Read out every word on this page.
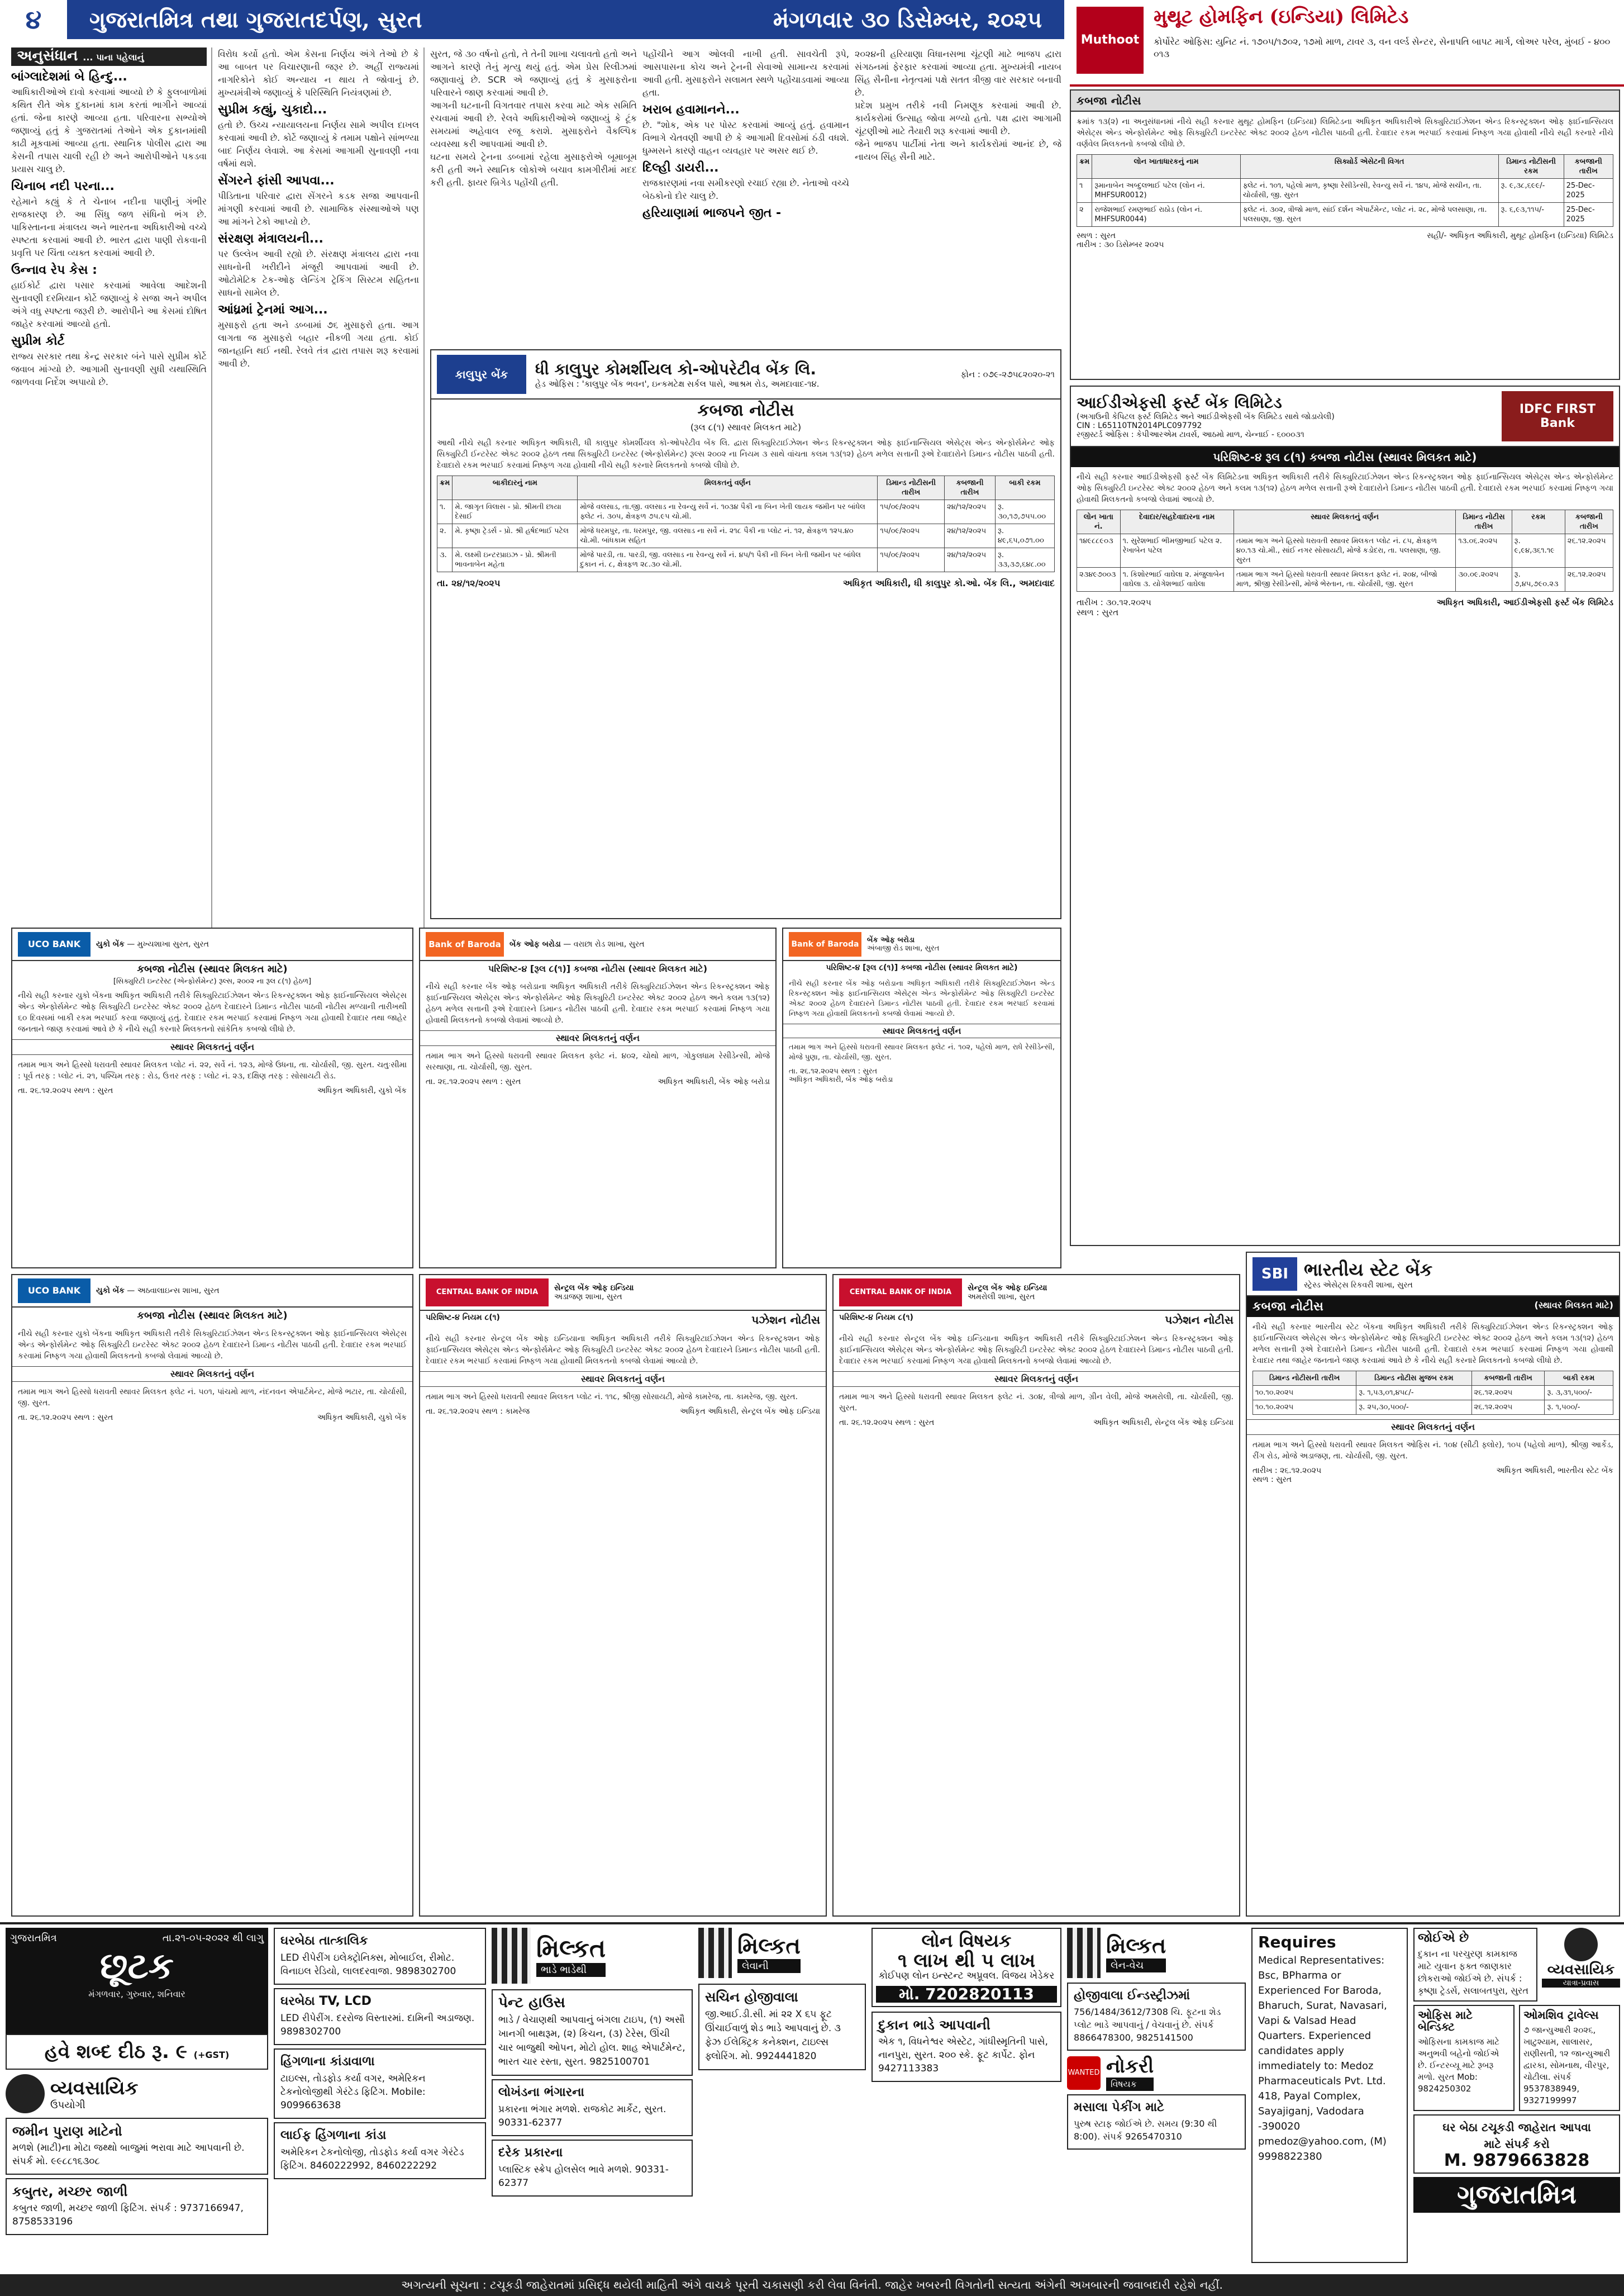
૪	ગુજરાતમિત્ર તથા ગુજરાતદર્પણ, સુરત	મંગળવાર ૩૦ ડિસેમ્બર, ૨૦૨૫
Muthoot
મુથૂટ હોમફિન (ઇન્ડિયા) લિમિટેડ
કોર્પોરેટ ઓફિસ: યુનિટ નં. ૧૭૦૫/૧૭૦૨, ૧૭મો માળ, ટાવર ૩, વન વર્લ્ડ સેન્ટર, સેનાપતિ બાપટ માર્ગ, લોઅર પરેલ, મુંબઈ - ૪૦૦ ૦૧૩
અનુસંધાન ... પાના પહેલાનું
બાંગ્લાદેશમાં બે હિન્દુ...

આધિકારીઓએ દાવો કરવામાં આવ્યો છે કે ફુલબાળોમાં કથિત રીતે એક દુકાનમાં કામ કરતાં ભાગીને આવ્યાં હતાં. જેના કારણે આવ્યા હતા. પરિવારના સભ્યોએ જણાવ્યું હતું કે ગુજરાતમાં તેઓને એક દુકાનમાંથી કાઢી મૂકવામાં આવ્યા હતા. સ્થાનિક પોલીસ દ્વારા આ કેસની તપાસ ચાલી રહી છે અને આરોપીઓને પકડવા પ્રયાસ ચાલુ છે.

ચિનાબ નદી પરના...

રહેમાને કહ્યું કે તે ચેનાબ નદીના પાણીનું ગંભીર રાજકારણ છે. આ સિંધુ જળ સંધિનો ભંગ છે. પાકિસ્તાનના મંત્રાલય અને ભારતના અધિકારીઓ વચ્ચે સ્પષ્ટતા કરવામાં આવી છે. ભારત દ્વારા પાણી રોકવાની પ્રવૃત્તિ પર ચિંતા વ્યક્ત કરવામાં આવી છે.

ઉન્નાવ રેપ કેસ :

હાઈકોર્ટ દ્વારા પસાર કરવામાં આવેલા આદેશની સુનાવણી દરમિયાન કોર્ટે જણાવ્યું કે સજા અને અપીલ અંગે વધુ સ્પષ્ટતા જરૂરી છે. આરોપીને આ કેસમાં દોષિત જાહેર કરવામાં આવ્યો હતો.

સુપ્રીમ કોર્ટ

રાજ્ય સરકાર તથા કેન્દ્ર સરકાર બંને પાસે સુપ્રીમ કોર્ટે જવાબ માંગ્યો છે. આગામી સુનાવણી સુધી યથાસ્થિતિ જાળવવા નિર્દેશ અપાયો છે.

વિરોધ કર્યો હતો. એમ કેસના નિર્ણય અંગે તેઓ છે કે આ બાબત પર વિચારણાની જરૂર છે. અહીં રાજ્યમાં નાગરિકોને કોઈ અન્યાય ન થાય તે જોવાનું છે. મુખ્યમંત્રીએ જણાવ્યું કે પરિસ્થિતિ નિયંત્રણમાં છે.

સુપ્રીમ કહ્યું, ચુકાદો...

હતો છે. ઉચ્ચ ન્યાયાલયના નિર્ણય સામે અપીલ દાખલ કરવામાં આવી છે. કોર્ટે જણાવ્યું કે તમામ પક્ષોને સાંભળ્યા બાદ નિર્ણય લેવાશે. આ કેસમાં આગામી સુનાવણી નવા વર્ષમાં થશે.

સેંગરને ફાંસી આપવા...

પીડિતાના પરિવાર દ્વારા સેંગરને કડક સજા આપવાની માંગણી કરવામાં આવી છે. સામાજિક સંસ્થાઓએ પણ આ માંગને ટેકો આપ્યો છે.

સંરક્ષણ મંત્રાલયની...

પર ઉલ્લેખ આવી રહ્યો છે. સંરક્ષણ મંત્રાલય દ્વારા નવા સાધનોની ખરીદીને મંજૂરી આપવામાં આવી છે. ઓટોમેટિક ટેક-ઓફ લેન્ડિંગ ટ્રેકિંગ સિસ્ટમ સહિતના સાધનો સામેલ છે.

આંધ્રમાં ટ્રેનમાં આગ...

મુસાફરો હતા અને ડબ્બામાં ૭૬ મુસાફરો હતા. આગ લાગતા જ મુસાફરો બહાર નીકળી ગયા હતા. કોઈ જાનહાનિ થઈ નથી. રેલવે તંત્ર દ્વારા તપાસ શરૂ કરવામાં આવી છે.

સુરત, જે ૩૦ વર્ષનો હતો, તે તેની શાખા ચલાવતો હતો અને આગને કારણે તેનું મૃત્યુ થયું હતું. એમ પ્રેસ રિલીઝમાં જણાવાયું છે. SCR એ જણાવ્યું હતું કે મુસાફરોના પરિવારને જાણ કરવામાં આવી છે.

આગની ઘટનાની વિગતવાર તપાસ કરવા માટે એક સમિતિ રચવામાં આવી છે. રેલવે અધિકારીઓએ જણાવ્યું કે ટૂંક સમયમાં અહેવાલ રજૂ કરાશે. મુસાફરોને વૈકલ્પિક વ્યવસ્થા કરી આપવામાં આવી છે.

ઘટના સમયે ટ્રેનના ડબ્બામાં રહેલા મુસાફરોએ બૂમાબૂમ કરી હતી અને સ્થાનિક લોકોએ બચાવ કામગીરીમાં મદદ કરી હતી. ફાયર બ્રિગેડ પહોંચી હતી.

પહોંચીને આગ ઓલવી નાખી હતી. સાવચેતી રૂપે, આસપાસના કોચ અને ટ્રેનની સેવાઓ સામાન્ય કરવામાં આવી હતી. મુસાફરોને સલામત સ્થળે પહોંચાડવામાં આવ્યા હતા.

ખરાબ હવામાનને...

છે. "શોક, એક પર પોસ્ટ કરવામાં આવ્યું હતું. હવામાન વિભાગે ચેતવણી આપી છે કે આગામી દિવસોમાં ઠંડી વધશે. ધુમ્મસને કારણે વાહન વ્યવહાર પર અસર થઈ છે.

દિલ્હી ડાયરી...

રાજકારણમાં નવા સમીકરણો રચાઈ રહ્યા છે. નેતાઓ વચ્ચે બેઠકોનો દોર ચાલુ છે.

હરિયાણામાં ભાજપને જીત -

૨૦૨૪ની હરિયાણા વિધાનસભા ચૂંટણી માટે ભાજપ દ્વારા સંગઠનમાં ફેરફાર કરવામાં આવ્યા હતા. મુખ્યમંત્રી નાયબ સિંહ સૈનીના નેતૃત્વમાં પક્ષે સતત ત્રીજી વાર સરકાર બનાવી છે.

પ્રદેશ પ્રમુખ તરીકે નવી નિમણૂક કરવામાં આવી છે. કાર્યકરોમાં ઉત્સાહ જોવા મળ્યો હતો. પક્ષ દ્વારા આગામી ચૂંટણીઓ માટે તૈયારી શરૂ કરવામાં આવી છે.

જેને ભાજપ પાર્ટીમાં નેતા અને કાર્યકરોમાં આનંદ છે, જે નાયબ સિંહ સૈની માટે.

કાલુપુર બેંક	ધી કાલુપુર કોમર્શીયલ કો-ઓપરેટીવ બેંક લિ.
હેડ ઓફિસ : 'કાલુપુર બેંક ભવન', ઇન્કમટેક્ષ સર્કલ પાસે, આશ્રમ રોડ, અમદાવાદ-૧૪.
ફોન : ૦૭૯-૨૭૫૮૨૦૨૦-૨૧
કબજા નોટીસ
(રૂલ ૮(૧) સ્થાવર મિલકત માટે)
આથી નીચે સહી કરનાર અધિકૃત અધિકારી, ધી કાલુપુર કોમર્શીયલ કો-ઓપરેટીવ બેંક લિ. દ્વારા સિક્યુરિટાઈઝેશન એન્ડ રિકન્સ્ટ્રક્શન ઓફ ફાઈનાન્સિયલ એસેટ્સ એન્ડ એન્ફોર્સમેન્ટ ઓફ સિક્યુરિટી ઈન્ટરેસ્ટ એક્ટ ૨૦૦૨ હેઠળ તથા સિક્યુરિટી ઇન્ટરેસ્ટ (એન્ફોર્સમેન્ટ) રૂલ્સ ૨૦૦૨ ના નિયમ ૩ સાથે વાંચતા કલમ ૧૩(૧૨) હેઠળ મળેલ સત્તાની રૂએ દેવાદારોને ડિમાન્ડ નોટીસ પાઠવી હતી. દેવાદારો રકમ ભરપાઈ કરવામાં નિષ્ફળ ગયા હોવાથી નીચે સહી કરનારે મિલકતનો કબજો લીધો છે.
ક્રમ	બાકીદારનું નામ	મિલકતનું વર્ણન	ડિમાન્ડ નોટીસની તારીખ	કબજાની તારીખ	બાકી રકમ
૧.	મે. જાગૃત વિલાસ - પ્રો. શ્રીમતી છાયા દેસાઈ	મોજે વલસાડ, તા.જી. વલસાડ ના રેવન્યુ સર્વે નં. ૧૦૩૪ પૈકી ના બિન ખેતી લાયક જમીન પર બાંધેલ ફ્લેટ નં. ૩૦૫, ક્ષેત્રફળ ૭૫.૯૫ ચો.મી.	૧૫/૦૯/૨૦૨૫	૨૪/૧૨/૨૦૨૫	રૂ. ૩૦,૧૭,૭૫૫.૦૦
૨.	મે. કૃષ્ણા ટ્રેડર્સ - પ્રો. શ્રી હર્ષદભાઈ પટેલ	મોજે ધરમપુર, તા. ધરમપુર, જી. વલસાડ ના સર્વે નં. ૨૧૮ પૈકી ના પ્લોટ નં. ૧૨, ક્ષેત્રફળ ૧૨૫.૪૦ ચો.મી. બાંધકામ સહિત	૧૫/૦૯/૨૦૨૫	૨૪/૧૨/૨૦૨૫	રૂ. ૪૯,૬૫,૦૭૧.૦૦
૩.	મે. લક્ષ્મી ઇન્ટરપ્રાઇઝ - પ્રો. શ્રીમતી ભાવનાબેન મહેતા	મોજે પારડી, તા. પારડી, જી. વલસાડ ના રેવન્યુ સર્વે નં. ૪૫/૧ પૈકી ની બિન ખેતી જમીન પર બાંધેલ દુકાન નં. ૮, ક્ષેત્રફળ ૨૮.૩૦ ચો.મી.	૧૫/૦૯/૨૦૨૫	૨૪/૧૨/૨૦૨૫	રૂ. ૩૩,૩૭,૬૪૮.૦૦
તા. ૨૪/૧૨/૨૦૨૫	અધિકૃત અધિકારી, ધી કાલુપુર કો.ઓ. બેંક લિ., અમદાવાદ
કબજા નોટીસ
ક્રમાંક ૧૩(૨) ના અનુસંધાનમાં નીચે સહી કરનાર મુથૂટ હોમફિન (ઇન્ડિયા) લિમિટેડના અધિકૃત અધિકારીએ સિક્યુરિટાઈઝેશન એન્ડ રિકન્સ્ટ્રક્શન ઓફ ફાઈનાન્સિયલ એસેટ્સ એન્ડ એન્ફોર્સમેન્ટ ઓફ સિક્યુરિટી ઇન્ટરેસ્ટ એક્ટ ૨૦૦૨ હેઠળ નોટીસ પાઠવી હતી. દેવાદાર રકમ ભરપાઈ કરવામાં નિષ્ફળ ગયા હોવાથી નીચે સહી કરનારે નીચે વર્ણવેલ મિલકતનો કબજો લીધો છે.
ક્રમ	લોન ખાતાધારકનું નામ	સિક્યોર્ડ એસેટની વિગત	ડિમાન્ડ નોટીસની રકમ	કબજાની તારીખ
૧	રૂમાનાબેન અબ્દુલભાઈ પટેલ (લોન નં. MHFSUR0012)	ફ્લેટ નં. ૧૦૧, પહેલો માળ, કૃષ્ણા રેસીડેન્સી, રેવન્યુ સર્વે નં. ૧૪૫, મોજે સચીન, તા. ચોર્યાસી, જી. સુરત	રૂ. ૯,૩૮,૬૯૯/-	25-Dec-2025
૨	રાજેશભાઈ રમણભાઈ રાઠોડ (લોન નં. MHFSUR0044)	ફ્લેટ નં. ૩૦૨, ત્રીજો માળ, સાંઈ દર્શન એપાર્ટમેન્ટ, પ્લોટ નં. ૨૮, મોજે પલસાણા, તા. પલસાણા, જી. સુરત	રૂ. ૬,૯૩,૧૧૫/-	25-Dec-2025
સ્થળ : સુરત
તારીખ : ૩૦ ડિસેમ્બર ૨૦૨૫
સહી/- અધિકૃત અધિકારી, મુથૂટ હોમફિન (ઇન્ડિયા) લિમિટેડ
આઈડીએફસી ફર્સ્ટ બેંક લિમિટેડ
(અગાઉની કેપિટલ ફર્સ્ટ લિમિટેડ અને આઈડીએફસી બેંક લિમિટેડ સાથે જોડાયેલી)
CIN : L65110TN2014PLC097792
રજીસ્ટર્ડ ઓફિસ : કેપીઆરએમ ટાવર્સ, આઠમો માળ, ચેન્નાઈ - ૬૦૦૦૩૧
IDFC FIRST Bank
પરિશિષ્ટ-૪ રૂલ ૮(૧) કબજા નોટીસ (સ્થાવર મિલકત માટે)
નીચે સહી કરનાર આઈડીએફસી ફર્સ્ટ બેંક લિમિટેડના અધિકૃત અધિકારી તરીકે સિક્યુરિટાઈઝેશન એન્ડ રિકન્સ્ટ્રક્શન ઓફ ફાઈનાન્સિયલ એસેટ્સ એન્ડ એન્ફોર્સમેન્ટ ઓફ સિક્યુરિટી ઇન્ટરેસ્ટ એક્ટ ૨૦૦૨ હેઠળ અને કલમ ૧૩(૧૨) હેઠળ મળેલ સત્તાની રૂએ દેવાદારોને ડિમાન્ડ નોટીસ પાઠવી હતી. દેવાદારો રકમ ભરપાઈ કરવામાં નિષ્ફળ ગયા હોવાથી મિલકતનો કબજો લેવામાં આવ્યો છે.
લોન ખાતા નં.	દેવાદાર/સહદેવાદારના નામ	સ્થાવર મિલકતનું વર્ણન	ડિમાન્ડ નોટીસ તારીખ	રકમ	કબજાની તારીખ
૧૪૯૮૮૯૦૩	૧. સુરેશભાઈ ભીમજીભાઈ પટેલ ૨. રેખાબેન પટેલ	તમામ ભાગ અને હિસ્સો ધરાવતી સ્થાવર મિલકત પ્લોટ નં. ૮૫, ક્ષેત્રફળ ૪૦.૧૩ ચો.મી., સાંઈ નગર સોસાયટી, મોજે કડોદરા, તા. પલસાણા, જી. સુરત	૧૩.૦૬.૨૦૨૫	રૂ. ૯,૯૪,૩૬૧.૧૯	૨૬.૧૨.૨૦૨૫
૨૩૪૯૭૦૦૩	૧. કિશોરભાઈ વાઘેલા ૨. મંજુલાબેન વાઘેલા ૩. યોગેશભાઈ વાઘેલા	તમામ ભાગ અને હિસ્સો ધરાવતી સ્થાવર મિલકત ફ્લેટ નં. ૨૦૪, બીજો માળ, શ્રીજી રેસીડેન્સી, મોજે ભેસ્તાન, તા. ચોર્યાસી, જી. સુરત	૩૦.૦૯.૨૦૨૫	રૂ. ૭,૪૫,૭૯૦.૨૩	૨૬.૧૨.૨૦૨૫
તારીખ : ૩૦.૧૨.૨૦૨૫
સ્થળ : સુરત
અધિકૃત અધિકારી, આઈડીએફસી ફર્સ્ટ બેંક લિમિટેડ
UCO BANK	યુકો બેંક — મુખ્યશાખા સુરત, સુરત
કબજા નોટીસ (સ્થાવર મિલકત માટે)
[સિક્યુરિટી ઇન્ટરેસ્ટ (એન્ફોર્સમેન્ટ) રૂલ્સ, ૨૦૦૨ ના રૂલ ૮(૧) હેઠળ]
નીચે સહી કરનાર યુકો બેંકના અધિકૃત અધિકારી તરીકે સિક્યુરિટાઈઝેશન એન્ડ રિકન્સ્ટ્રક્શન ઓફ ફાઈનાન્સિયલ એસેટ્સ એન્ડ એન્ફોર્સમેન્ટ ઓફ સિક્યુરિટી ઇન્ટરેસ્ટ એક્ટ ૨૦૦૨ હેઠળ દેવાદારને ડિમાન્ડ નોટીસ પાઠવી નોટીસ મળ્યાની તારીખથી ૬૦ દિવસમાં બાકી રકમ ભરપાઈ કરવા જણાવ્યું હતું. દેવાદાર રકમ ભરપાઈ કરવામાં નિષ્ફળ ગયા હોવાથી દેવાદાર તથા જાહેર જનતાને જાણ કરવામાં આવે છે કે નીચે સહી કરનારે મિલકતનો સાંકેતિક કબજો લીધો છે.
સ્થાવર મિલકતનું વર્ણન
તમામ ભાગ અને હિસ્સો ધરાવતી સ્થાવર મિલકત પ્લોટ નં. ૨૨, સર્વે નં. ૧૨૩, મોજે ઉધના, તા. ચોર્યાસી, જી. સુરત. ચતુઃસીમા : પૂર્વ તરફ : પ્લોટ નં. ૨૧, પશ્ચિમ તરફ : રોડ, ઉત્તર તરફ : પ્લોટ નં. ૨૩, દક્ષિણ તરફ : સોસાયટી રોડ.
તા. ૨૬.૧૨.૨૦૨૫ સ્થળ : સુરત	અધિકૃત અધિકારી, યુકો બેંક
Bank of Baroda	બેંક ઓફ બરોડા — વરાછા રોડ શાખા, સુરત
પરિશિષ્ટ-૪ [રૂલ ૮(૧)] કબજા નોટીસ (સ્થાવર મિલકત માટે)
નીચે સહી કરનાર બેંક ઓફ બરોડાના અધિકૃત અધિકારી તરીકે સિક્યુરિટાઈઝેશન એન્ડ રિકન્સ્ટ્રક્શન ઓફ ફાઈનાન્સિયલ એસેટ્સ એન્ડ એન્ફોર્સમેન્ટ ઓફ સિક્યુરિટી ઇન્ટરેસ્ટ એક્ટ ૨૦૦૨ હેઠળ અને કલમ ૧૩(૧૨) હેઠળ મળેલ સત્તાની રૂએ દેવાદારને ડિમાન્ડ નોટીસ પાઠવી હતી. દેવાદાર રકમ ભરપાઈ કરવામાં નિષ્ફળ ગયા હોવાથી મિલકતનો કબજો લેવામાં આવ્યો છે.
સ્થાવર મિલકતનું વર્ણન
તમામ ભાગ અને હિસ્સો ધરાવતી સ્થાવર મિલકત ફ્લેટ નં. ૪૦૨, ચોથો માળ, ગોકુલધામ રેસીડેન્સી, મોજે સરથાણા, તા. ચોર્યાસી, જી. સુરત.
તા. ૨૬.૧૨.૨૦૨૫ સ્થળ : સુરત	અધિકૃત અધિકારી, બેંક ઓફ બરોડા
Bank of Baroda	બેંક ઓફ બરોડા
અંબાજી રોડ શાખા, સુરત
પરિશિષ્ટ-૪ [રૂલ ૮(૧)] કબજા નોટીસ (સ્થાવર મિલકત માટે)
નીચે સહી કરનાર બેંક ઓફ બરોડાના અધિકૃત અધિકારી તરીકે સિક્યુરિટાઈઝેશન એન્ડ રિકન્સ્ટ્રક્શન ઓફ ફાઈનાન્સિયલ એસેટ્સ એન્ડ એન્ફોર્સમેન્ટ ઓફ સિક્યુરિટી ઇન્ટરેસ્ટ એક્ટ ૨૦૦૨ હેઠળ દેવાદારને ડિમાન્ડ નોટીસ પાઠવી હતી. દેવાદાર રકમ ભરપાઈ કરવામાં નિષ્ફળ ગયા હોવાથી મિલકતનો કબજો લેવામાં આવ્યો છે.
સ્થાવર મિલકતનું વર્ણન
તમામ ભાગ અને હિસ્સો ધરાવતી સ્થાવર મિલકત ફ્લેટ નં. ૧૦૨, પહેલો માળ, રાધે રેસીડેન્સી, મોજે પુણા, તા. ચોર્યાસી, જી. સુરત.
તા. ૨૬.૧૨.૨૦૨૫ સ્થળ : સુરત
અધિકૃત અધિકારી, બેંક ઓફ બરોડા
SBI ભારતીય સ્ટેટ બેંક
સ્ટ્રેસ્ડ એસેટ્સ રિકવરી શાખા, સુરત
કબજા નોટીસ	(સ્થાવર મિલકત માટે)
નીચે સહી કરનાર ભારતીય સ્ટેટ બેંકના અધિકૃત અધિકારી તરીકે સિક્યુરિટાઈઝેશન એન્ડ રિકન્સ્ટ્રક્શન ઓફ ફાઈનાન્સિયલ એસેટ્સ એન્ડ એન્ફોર્સમેન્ટ ઓફ સિક્યુરિટી ઇન્ટરેસ્ટ એક્ટ ૨૦૦૨ હેઠળ અને કલમ ૧૩(૧૨) હેઠળ મળેલ સત્તાની રૂએ દેવાદારોને ડિમાન્ડ નોટીસ પાઠવી હતી. દેવાદારો રકમ ભરપાઈ કરવામાં નિષ્ફળ ગયા હોવાથી દેવાદાર તથા જાહેર જનતાને જાણ કરવામાં આવે છે કે નીચે સહી કરનારે મિલકતનો કબજો લીધો છે.
ડિમાન્ડ નોટીસની તારીખ	ડિમાન્ડ નોટીસ મુજબ રકમ	કબજાની તારીખ	બાકી રકમ
૧૦.૧૦.૨૦૨૫	રૂ. ૧,૫૩,૦૧,૪૫૮/-	૨૬.૧૨.૨૦૨૫	રૂ. ૩,૩૧,૫૦૦/-
૧૦.૧૦.૨૦૨૫	રૂ. ૨૫,૩૦,૫૦૦/-	૨૬.૧૨.૨૦૨૫	રૂ. ૧,૫૦૦/-
સ્થાવર મિલકતનું વર્ણન
તમામ ભાગ અને હિસ્સો ધરાવતી સ્થાવર મિલકત ઓફિસ નં. ૧૦૪ (સીટી ફ્લોર), ૧૦૫ (પહેલો માળ), શ્રીજી આર્કેડ, રીંગ રોડ, મોજે અડાજણ, તા. ચોર્યાસી, જી. સુરત.
તારીખ : ૨૬.૧૨.૨૦૨૫
સ્થળ : સુરત
અધિકૃત અધિકારી, ભારતીય સ્ટેટ બેંક
UCO BANK	યુકો બેંક — અઠવાલાઇન્સ શાખા, સુરત
કબજા નોટીસ (સ્થાવર મિલકત માટે)
નીચે સહી કરનાર યુકો બેંકના અધિકૃત અધિકારી તરીકે સિક્યુરિટાઈઝેશન એન્ડ રિકન્સ્ટ્રક્શન ઓફ ફાઈનાન્સિયલ એસેટ્સ એન્ડ એન્ફોર્સમેન્ટ ઓફ સિક્યુરિટી ઇન્ટરેસ્ટ એક્ટ ૨૦૦૨ હેઠળ દેવાદારને ડિમાન્ડ નોટીસ પાઠવી હતી. દેવાદાર રકમ ભરપાઈ કરવામાં નિષ્ફળ ગયા હોવાથી મિલકતનો કબજો લેવામાં આવ્યો છે.
સ્થાવર મિલકતનું વર્ણન
તમામ ભાગ અને હિસ્સો ધરાવતી સ્થાવર મિલકત ફ્લેટ નં. ૫૦૧, પાંચમો માળ, નંદનવન એપાર્ટમેન્ટ, મોજે ભટાર, તા. ચોર્યાસી, જી. સુરત.
તા. ૨૬.૧૨.૨૦૨૫ સ્થળ : સુરત	અધિકૃત અધિકારી, યુકો બેંક
CENTRAL BANK OF INDIA	સેન્ટ્રલ બેંક ઓફ ઇન્ડિયા
અડાજણ શાખા, સુરત
પરિશિષ્ટ-૪ નિયમ ૮(૧)	પઝેશન નોટીસ
નીચે સહી કરનાર સેન્ટ્રલ બેંક ઓફ ઇન્ડિયાના અધિકૃત અધિકારી તરીકે સિક્યુરિટાઈઝેશન એન્ડ રિકન્સ્ટ્રક્શન ઓફ ફાઈનાન્સિયલ એસેટ્સ એન્ડ એન્ફોર્સમેન્ટ ઓફ સિક્યુરિટી ઇન્ટરેસ્ટ એક્ટ ૨૦૦૨ હેઠળ દેવાદારને ડિમાન્ડ નોટીસ પાઠવી હતી. દેવાદાર રકમ ભરપાઈ કરવામાં નિષ્ફળ ગયા હોવાથી મિલકતનો કબજો લેવામાં આવ્યો છે.
સ્થાવર મિલકતનું વર્ણન
તમામ ભાગ અને હિસ્સો ધરાવતી સ્થાવર મિલકત પ્લોટ નં. ૧૧૮, શ્રીજી સોસાયટી, મોજે કામરેજ, તા. કામરેજ, જી. સુરત.
તા. ૨૬.૧૨.૨૦૨૫ સ્થળ : કામરેજ	અધિકૃત અધિકારી, સેન્ટ્રલ બેંક ઓફ ઇન્ડિયા
CENTRAL BANK OF INDIA	સેન્ટ્રલ બેંક ઓફ ઇન્ડિયા
અમરોલી શાખા, સુરત
પરિશિષ્ટ-૪ નિયમ ૮(૧)	પઝેશન નોટીસ
નીચે સહી કરનાર સેન્ટ્રલ બેંક ઓફ ઇન્ડિયાના અધિકૃત અધિકારી તરીકે સિક્યુરિટાઈઝેશન એન્ડ રિકન્સ્ટ્રક્શન ઓફ ફાઈનાન્સિયલ એસેટ્સ એન્ડ એન્ફોર્સમેન્ટ ઓફ સિક્યુરિટી ઇન્ટરેસ્ટ એક્ટ ૨૦૦૨ હેઠળ દેવાદારને ડિમાન્ડ નોટીસ પાઠવી હતી. દેવાદાર રકમ ભરપાઈ કરવામાં નિષ્ફળ ગયા હોવાથી મિલકતનો કબજો લેવામાં આવ્યો છે.
સ્થાવર મિલકતનું વર્ણન
તમામ ભાગ અને હિસ્સો ધરાવતી સ્થાવર મિલકત ફ્લેટ નં. ૩૦૪, ત્રીજો માળ, ગ્રીન વેલી, મોજે અમરોલી, તા. ચોર્યાસી, જી. સુરત.
તા. ૨૬.૧૨.૨૦૨૫ સ્થળ : સુરત	અધિકૃત અધિકારી, સેન્ટ્રલ બેંક ઓફ ઇન્ડિયા
ગુજરાતમિત્ર	તા.૨૧-૦૫-૨૦૨૨ થી લાગુ
છૂટક
મંગળવાર, ગુરુવાર, શનિવાર
હવે શબ્દ દીઠ રૂ. ૯ (+GST)
વ્યવસાયિક
ઉપયોગી
જમીન પુરાણ માટેનો
મળશે (માટી)ના મોટા જથ્થો બાજુમાં ભરાવા માટે આપવાની છે. સંપર્ક મો. ૯૯૮૮૧૬૩૦૮
કબુતર, મચ્છર જાળી
કબુતર જાળી, મચ્છર જાળી ફિટિંગ. સંપર્ક : 9737166947, 8758533196
ઘરબેઠા તાત્કાલિક
LED રીપેરીંગ ઇલેક્ટ્રોનિક્સ, મોબાઈલ, રીમોટ. વિનાઇલ રેડિયો, લાલદરવાજા. 9898302700
ઘરબેઠા TV, LCD
LED રીપેરીંગ. દરરોજ વિસ્તારમાં. દામિની અડાજણ. 9898302700
હિંગળાના કાંડાવાળા
ટાઇલ્સ, તોડફોડ કર્યા વગર, અમેરિકન ટેકનોલોજીથી ગેરંટેડ ફિટિંગ. Mobile: 9099663638
લાઈફ હિંગળાના કાંડા
અમેરિકન ટેકનોલોજી, તોડફોડ કર્યા વગર ગેરંટેડ ફિટિંગ. 8460222992, 8460222292
મિલ્કત
ભાડે ભાડેથી
પેન્ટ હાઉસ
ભાડે / વેચાણથી આપવાનું બંગલા ટાઇપ, (૧) અસૌ ખાનગી બાથરૂમ, (૨) કિચન, (૩) ટેરેસ, ઊંચી ચાર બાજુથી ઓપન, મોટો હોલ. શાહ એપાર્ટમેન્ટ, ભારત ચાર રસ્તા, સુરત. 9825100701
લોખંડના ભંગારના
પ્રકારના ભંગાર મળશે. રાજકોટ માર્કેટ, સુરત. 90331-62377
દરેક પ્રકારના
પ્લાસ્ટિક સ્ક્રેપ હોલસેલ ભાવે મળશે. 90331-62377
મિલ્કત
લેવાની
સચિન હોજીવાલા
જી.આઈ.ડી.સી. માં ૨૨ X ૬૫ ફૂટ ઊંચાઈવાળું શેડ ભાડે આપવાનું છે. ૩ ફેઝ ઈલેક્ટ્રિક કનેક્શન, ટાઇલ્સ ફ્લોરિંગ. મો. 9924441820
લોન વિષયક
૧ લાખ થી ૫ લાખ
કોઈપણ લોન ઇન્સ્ટન્ટ અપ્રૂવલ. વિજય ખેડેકર
મો. 7202820113
દુકાન ભાડે આપવાની
એક ૧, વિધનેશ્વર એસ્ટેટ, ગાંધીસ્મૃતિની પાસે, નાનપુરા, સુરત. ૨૦૦ સ્કે. ફૂટ કાર્પેટ. ફોન 9427113383
મિલ્કત
લેન-વેચ
હોજીવાલા ઈન્ડસ્ટ્રીઝમાં
756/1484/3612/7308 ચિ. ફૂટના શેડ પ્લોટ ભાડે આપવાનું / વેચવાનું છે. સંપર્ક 8866478300, 9825141500
WANTED નોકરી
વિષયક
મસાલા પેકીંગ માટે
પુરુષ સ્ટાફ જોઈએ છે. સમય (9:30 થી 8:00). સંપર્ક 9265470310
Requires
Medical Representatives: Bsc, BPharma or Experienced For Baroda, Bharuch, Surat, Navasari, Vapi & Valsad Head Quarters. Experienced candidates apply immediately to: Medoz Pharmaceuticals Pvt. Ltd. 418, Payal Complex, Sayajiganj, Vadodara -390020 pmedoz@yahoo.com, (M) 9998822380
જોઈએ છે
દુકાન ના પરચુરણ કામકાજ માટે યુવાન ફક્ત જાણકાર છોકરાઓ જોઈએ છે. સંપર્ક : કૃષ્ણા ટ્રેડર્સ, સલાબતપુરા, સુરત
વ્યવસાયિક
યાત્રા-પ્રવાસ
ઓફિસ માટે બેન્ડિક્ટ
ઓફિસના કામકાજ માટે અનુભવી બહેનો જોઈએ છે. ઈન્ટરવ્યૂ માટે રૂબરૂ મળો. સુરત Mob: 9824250302
ઓમશિવ ટ્રાવેલ્સ
૭ જાન્યુઆરી ૨૦૨૬, ખાટુશ્યામ, સાલાસર, રાણીસતી, ૧૨ જાન્યુઆરી દ્વારકા, સોમનાથ, વીરપુર, ચોટીલા. સંપર્ક 9537838949, 9327199997
ઘર બેઠા ટચૂકડી જાહેરાત આપવા
માટે સંપર્ક કરો
M. 9879663828
ગુજરાતમિત્ર
અગત્યની સૂચના : ટચૂકડી જાહેરાતમાં પ્રસિદ્ધ થયેલી માહિતી અંગે વાચકે પૂરતી ચકાસણી કરી લેવા વિનંતી. જાહેર ખબરની વિગતોની સત્યતા અંગેની અખબારની જવાબદારી રહેશે નહીં.
